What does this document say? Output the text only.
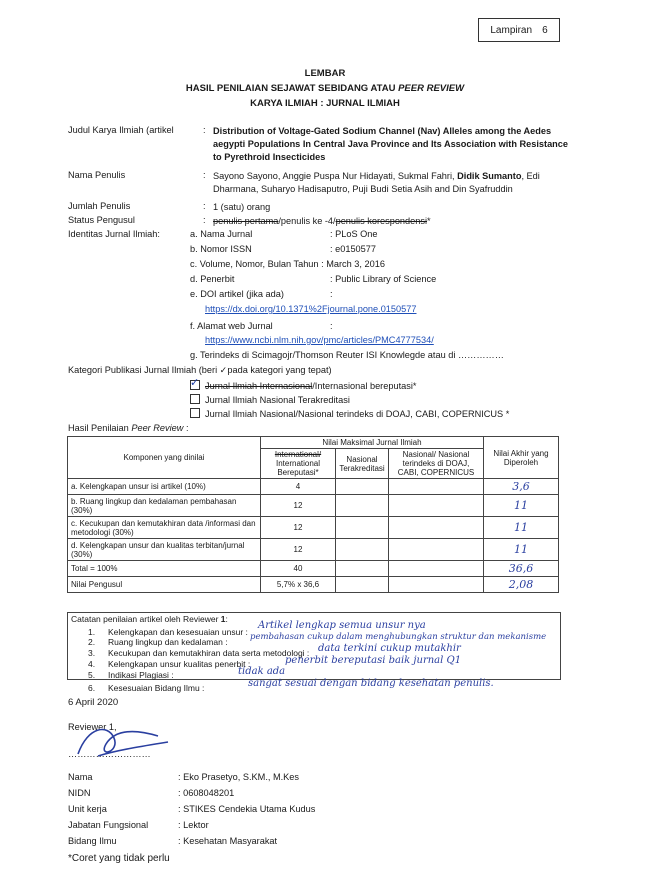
Lampiran 6
LEMBAR
HASIL PENILAIAN SEJAWAT SEBIDANG ATAU PEER REVIEW
KARYA ILMIAH : JURNAL ILMIAH
Judul Karya Ilmiah (artikel	: Distribution of Voltage-Gated Sodium Channel (Nav) Alleles among the Aedes aegypti Populations In Central Java Province and Its Association with Resistance to Pyrethroid Insecticides
Nama Penulis	: Sayono Sayono, Anggie Puspa Nur Hidayati, Sukmal Fahri, Didik Sumanto, Edi Dharmana, Suharyo Hadisaputro, Puji Budi Setia Asih and Din Syafruddin
Jumlah Penulis	: 1 (satu) orang
Status Pengusul	: penulis pertama/penulis ke -4/penulis korespondensi*
Identitas Jurnal Ilmiah:	a. Nama Jurnal	: PLoS One
b. Nomor ISSN	: e0150577
c. Volume, Nomor, Bulan Tahun : March 3, 2016
d. Penerbit	: Public Library of Science
e. DOI artikel (jika ada)	:
https://dx.doi.org/10.1371%2Fjournal.pone.0150577
f. Alamat web Jurnal	:
https://www.ncbi.nlm.nih.gov/pmc/articles/PMC4777534/
g. Terindeks di Scimagojr/Thomson Reuter ISI Knowlegde atau di ……………
Kategori Publikasi Jurnal Ilmiah (beri ✓pada kategori yang tepat)
✓ Jurnal Ilmiah Internasional/Internasional bereputasi*
Jurnal Ilmiah Nasional Terakreditasi
Jurnal Ilmiah Nasional/Nasional terindeks di DOAJ, CABI, COPERNICUS *
Hasil Penilaian Peer Review :
Komponen yang dinilai	Nilai Maksimal Jurnal Ilmiah			Nilai Akhir yang Diperoleh
	International/ International Bereputasi*	Nasional Terakreditasi	Nasional/ Nasional terindeks di DOAJ, CABI, COPERNICUS	
a. Kelengkapan unsur isi artikel (10%)	4			3,6
b. Ruang lingkup dan kedalaman pembahasan (30%)	12			11
c. Kecukupan dan kemutakhiran data /informasi dan metodologi (30%)	12			11
d. Kelengkapan unsur dan kualitas terbitan/jurnal (30%)	12			11
Total = 100%	40			36,6
Nilai Pengusul	5,7% x 36,6			2,08
Catatan penilaian artikel oleh Reviewer 1:
1. Kelengkapan dan kesesuaian unsur :
Artikel lengkap semua unsur nya
2. Ruang lingkup dan kedalaman :	pembahasan cukup dalam menghubungkan struktur dan mekanisme
3. Kecukupan dan kemutakhiran data serta metodologi : data terkini cukup mutakhir
4. Kelengkapan unsur kualitas penerbit :	penerbit bereputasi baik jurnal Q1
5. Indikasi Plagiasi :	tidak ada
6. Kesesuaian Bidang Ilmu :	sangat sesuai dengan bidang kesehatan penulis.
6 April 2020
Reviewer 1,
………………………
Nama	: Eko Prasetyo, S.KM., M.Kes
NIDN	: 0608048201
Unit kerja	: STIKES Cendekia Utama Kudus
Jabatan Fungsional	: Lektor
Bidang Ilmu	: Kesehatan Masyarakat
*Coret yang tidak perlu
